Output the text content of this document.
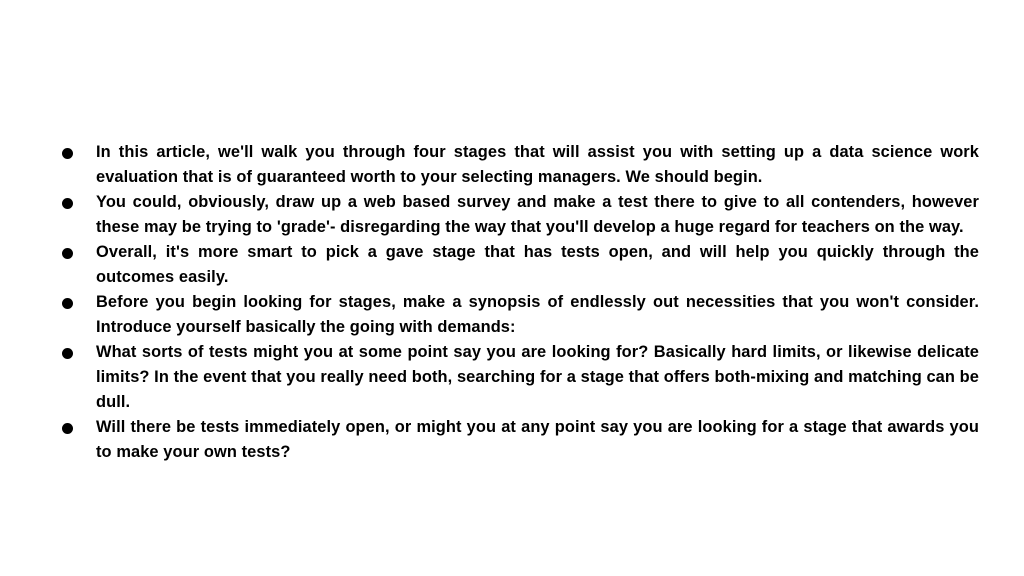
In this article, we'll walk you through four stages that will assist you with setting up a data science work evaluation that is of guaranteed worth to your selecting managers. We should begin.
You could, obviously, draw up a web based survey and make a test there to give to all contenders, however these may be trying to 'grade'- disregarding the way that you'll develop a huge regard for teachers on the way.
Overall, it's more smart to pick a gave stage that has tests open, and will help you quickly through the outcomes easily.
Before you begin looking for stages, make a synopsis of endlessly out necessities that you won't consider. Introduce yourself basically the going with demands:
What sorts of tests might you at some point say you are looking for? Basically hard limits, or likewise delicate limits? In the event that you really need both, searching for a stage that offers both-mixing and matching can be dull.
Will there be tests immediately open, or might you at any point say you are looking for a stage that awards you to make your own tests?
